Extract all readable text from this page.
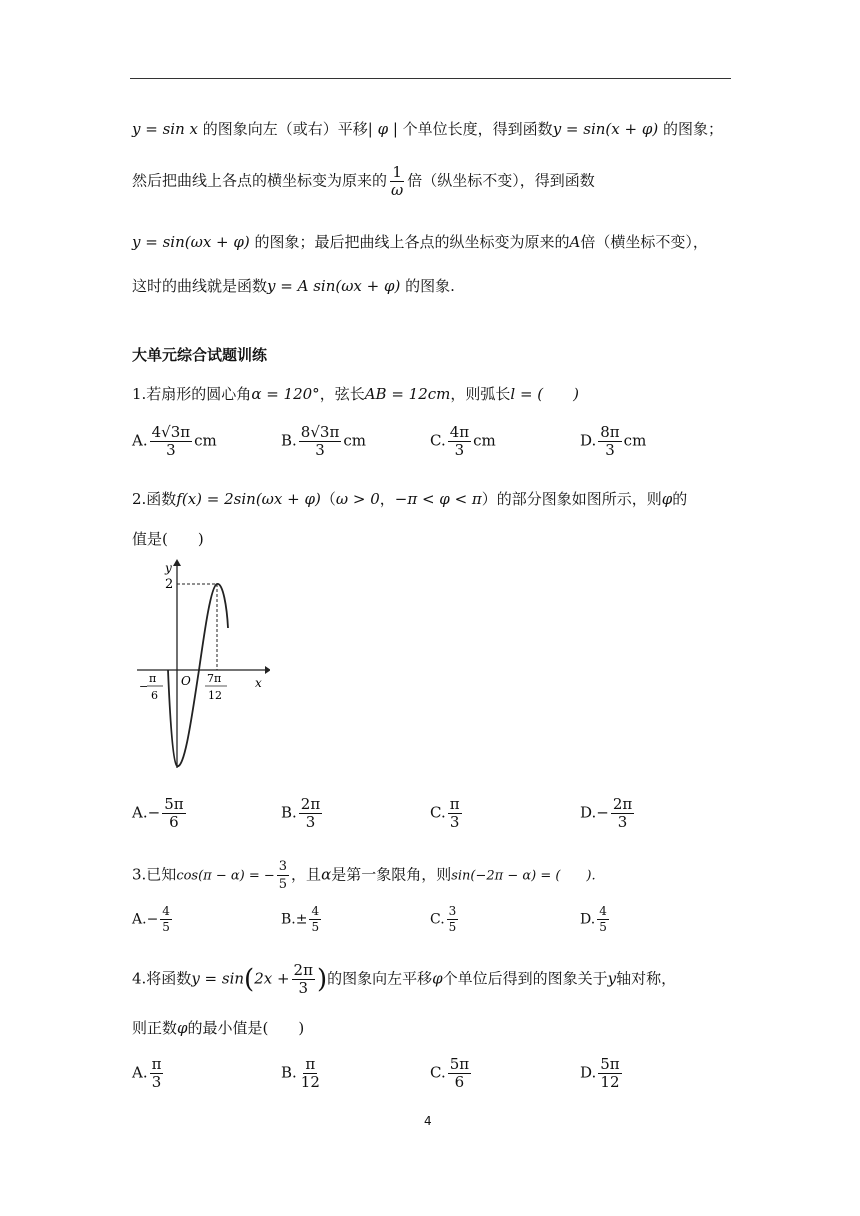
y = sin x 的图象向左（或右）平移| φ | 个单位长度，得到函数y = sin(x + φ) 的图象；
然后把曲线上各点的横坐标变为原来的 $\frac{1}{\omega}$ 倍（纵坐标不变），得到函数
y = sin(ωx + φ) 的图象；最后把曲线上各点的纵坐标变为原来的A倍（横坐标不变），
这时的曲线就是函数y = A sin(ωx + φ) 的图象.
大单元综合试题训练
1.若扇形的圆心角α = 120°，弦长AB = 12cm，则弧长l = (　　)
A. $\frac{4√3\pi}{3}$ cm	B. $\frac{8√3\pi}{3}$ cm	C. $\frac{4\pi}{3}$ cm	D. $\frac{8\pi}{3}$ cm
2.函数f(x) = 2sin(ωx + φ)（ω > 0，−π < φ < π）的部分图象如图所示，则φ的
值是(　　)
y
x
2
O
−
π
6
7π
12
$A.- \frac{5\pi}{6}$	B. $\frac{2\pi}{3}$	C. $\frac{\pi}{3}$	$D.- \frac{2\pi}{3}$
3.已知cos(π − α) = − $\frac{3}{5}$ ，且α是第一象限角，则sin(−2π − α) = (　　).
$A.- \frac{4}{5}$	$B.\pm \frac{4}{5}$	C. $\frac{3}{5}$	D. $\frac{4}{5}$
4.将函数$y = \sin(2x + \frac{2\pi}{3}$ )的图象向左平移φ个单位后得到的图象关于y轴对称，
则正数φ的最小值是(　　)
A. $\frac{\pi}{3}$	B. $\frac{\pi}{12}$	C. $\frac{5\pi}{6}$	D. $\frac{5\pi}{12}$
4
